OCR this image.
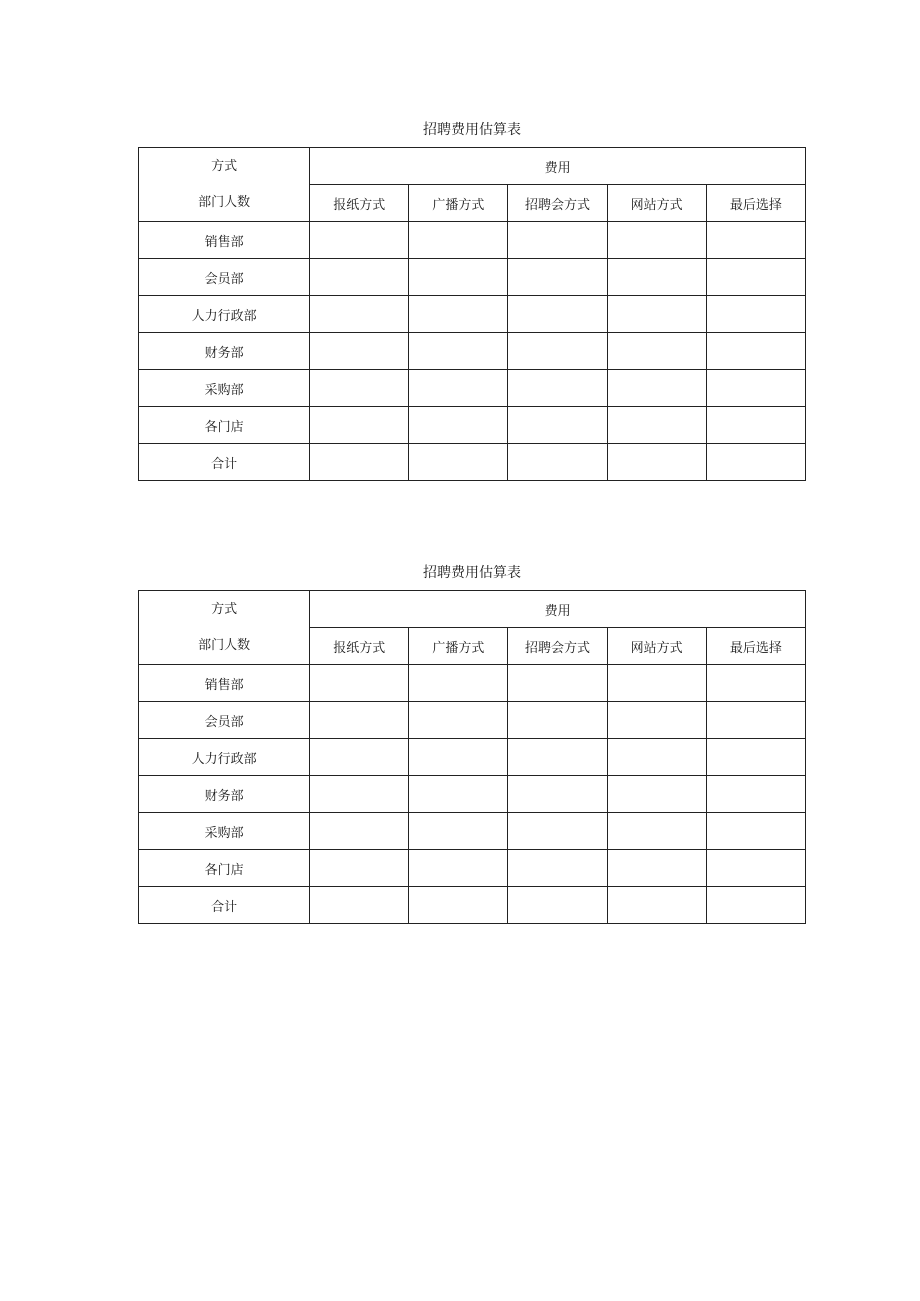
招聘费用估算表
方式
部门人数	费用				
	报纸方式	广播方式	招聘会方式	网站方式	最后选择
销售部					
会员部					
人力行政部					
财务部					
采购部					
各门店					
合计					
招聘费用估算表
方式
部门人数	费用				
	报纸方式	广播方式	招聘会方式	网站方式	最后选择
销售部					
会员部					
人力行政部					
财务部					
采购部					
各门店					
合计					
